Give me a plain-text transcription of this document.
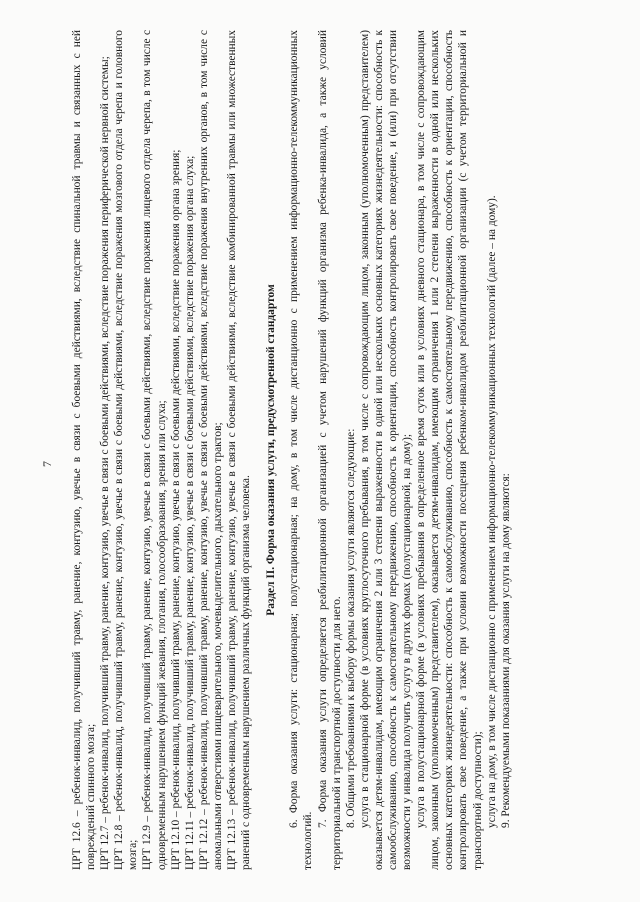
7 ЦРТ 12.6 – ребенок-инвалид, получивший травму, ранение, контузию, увечье в связи с боевыми действиями, вследствие спинальной травмы и связанных с ней повреждений спинного мозга; ЦРТ 12.7 – ребенок-инвалид, получивший травму, ранение, контузию, увечье в связи с боевыми действиями, вследствие поражения периферической нервной системы; ЦРТ 12.8 – ребенок-инвалид, получивший травму, ранение, контузию, увечье в связи с боевыми действиями, вследствие поражения мозгового отдела черепа и головного мозга; ЦРТ 12.9 – ребенок-инвалид, получивший травму, ранение, контузию, увечье в связи с боевыми действиями, вследствие поражения лицевого отдела черепа, в том числе с одновременным нарушением функций жевания, глотания, голосообразования, зрения или слуха; ЦРТ 12.10 – ребенок-инвалид, получивший травму, ранение, контузию, увечье в связи с боевыми действиями, вследствие поражения органа зрения; ЦРТ 12.11 – ребенок-инвалид, получивший травму, ранение, контузию, увечье в связи с боевыми действиями, вследствие поражения органа слуха; ЦРТ 12.12 – ребенок-инвалид, получивший травму, ранение, контузию, увечье в связи с боевыми действиями, вследствие поражения внутренних органов, в том числе с аномальными отверстиями пищеварительного, мочевыделительного, дыхательного трактов; ЦРТ 12.13 – ребенок-инвалид, получивший травму, ранение, контузию, увечье в связи с боевыми действиями, вследствие комбинированной травмы или множественных ранений с одновременным нарушением различных функций организма человека.

Раздел II. Форма оказания услуги, предусмотренной стандартом 6. Форма оказания услуги: стационарная; полустационарная; на дому, в том числе дистанционно с применением информационно-телекоммуникационных технологий.

7. Форма оказания услуги определяется реабилитационной организацией с учетом нарушений функций организма ребенка-инвалида, а также условий территориальной и транспортной доступности для него. 8. Общими требованиями к выбору формы оказания услуги являются следующие: услуга в стационарной форме (в условиях круглосуточного пребывания, в том числе с сопровождающим лицом, законным (уполномоченным) представителем) оказывается детям-инвалидам, имеющим ограничения 2 или 3 степени выраженности в одной или нескольких основных категориях жизнедеятельности: способность к самообслуживанию, способность к самостоятельному передвижению, способность к ориентации, способность контролировать свое поведение, и (или) при отсутствии возможности у инвалида получить услугу в других формах (полустационарной, на дому); услуга в полустационарной форме (в условиях пребывания в определенное время суток или в условиях дневного стационара, в том числе с сопровождающим лицом, законным (уполномоченным) представителем), оказывается детям-инвалидам, имеющим ограничения 1 или 2 степени выраженности в одной или нескольких основных категориях жизнедеятельности: способность к самообслуживанию, способность к самостоятельному передвижению, способность к ориентации, способность контролировать свое поведение, а также при условии возможности посещения ребенком-инвалидом реабилитационной организации (с учетом территориальной и транспортной доступности); услуга на дому, в том числе дистанционно с применением информационно-телекоммуникационных технологий (далее – на дому). 9. Рекомендуемыми показаниями для оказания услуги на дому являются:
